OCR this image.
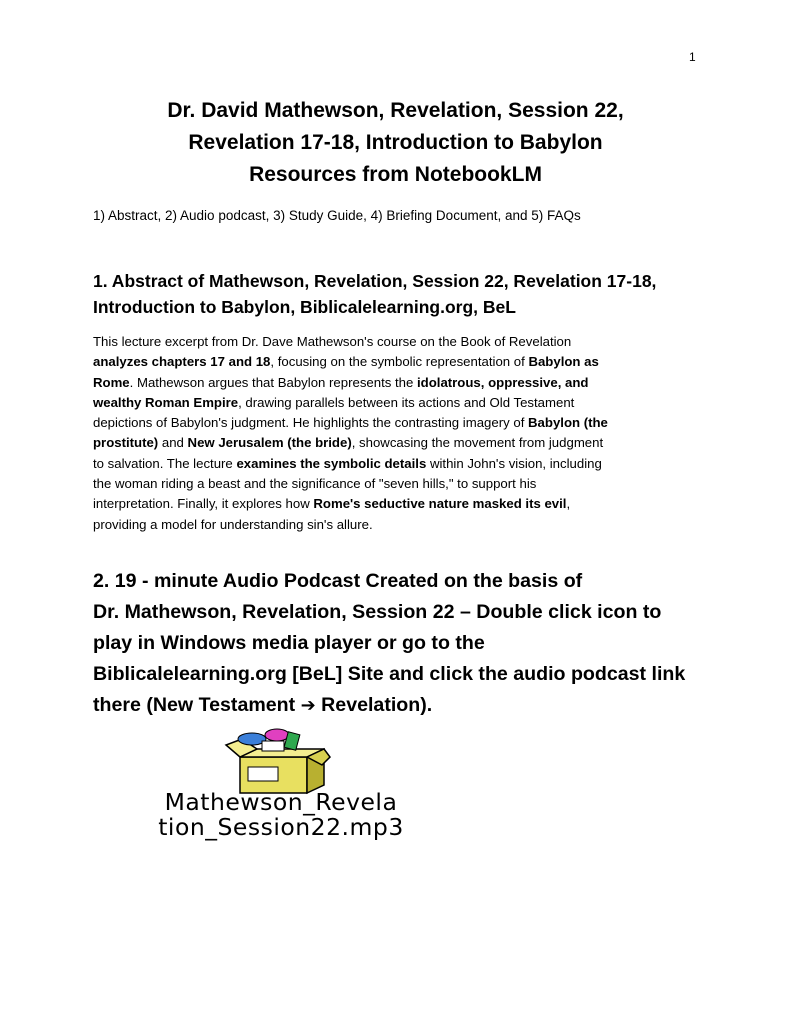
1
Dr. David Mathewson, Revelation, Session 22,
Revelation 17-18, Introduction to Babylon
Resources from NotebookLM
1) Abstract, 2) Audio podcast, 3) Study Guide, 4) Briefing Document, and 5) FAQs
1. Abstract of Mathewson, Revelation, Session 22, Revelation 17-18,
Introduction to Babylon, Biblicalelearning.org, BeL
This lecture excerpt from Dr. Dave Mathewson's course on the Book of Revelation
analyzes chapters 17 and 18, focusing on the symbolic representation of Babylon as
Rome. Mathewson argues that Babylon represents the idolatrous, oppressive, and
wealthy Roman Empire, drawing parallels between its actions and Old Testament
depictions of Babylon's judgment. He highlights the contrasting imagery of Babylon (the
prostitute) and New Jerusalem (the bride), showcasing the movement from judgment
to salvation. The lecture examines the symbolic details within John's vision, including
the woman riding a beast and the significance of "seven hills," to support his
interpretation. Finally, it explores how Rome's seductive nature masked its evil,
providing a model for understanding sin's allure.
2. 19 - minute Audio Podcast Created on the basis of
Dr. Mathewson, Revelation, Session 22 – Double click icon to
play in Windows media player or go to the
Biblicalelearning.org [BeL] Site and click the audio podcast link
there (New Testament ➔ Revelation).
Mathewson_Revela
tion_Session22.mp3
